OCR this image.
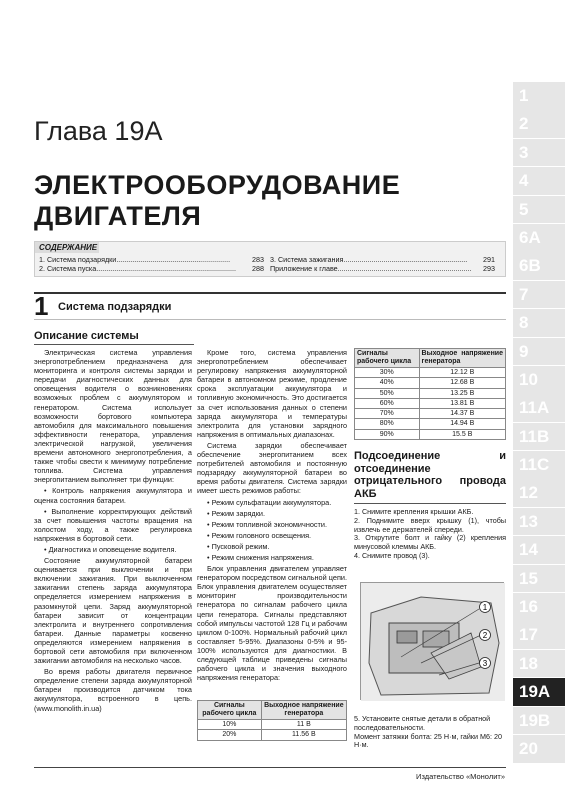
1
2
3
4
5
6А
6В
7
8
9
10
11А
11В
11С
12
13
14
15
16
17
18
19А
19В
20
Глава 19А
ЭЛЕКТРООБОРУДОВАНИЕ
ДВИГАТЕЛЯ
СОДЕРЖАНИЕ
1. Система подзарядки.........................................................	283
2. Система пуска......................................................................	288
3. Система зажигания..............................................................	291
Приложение к главе...................................................................	293
1 Система подзарядки
Описание системы

Электрическая система управления энергопотреблением предназначена для мониторинга и контроля системы зарядки и передачи диагностических данных для оповещения водителя о возникновениях возможных проблем с аккумулятором и генератором. Система использует возможности бортового компьютера автомобиля для максимального повышения эффективности генератора, управления электрической нагрузкой, увеличения времени автономного энергопотребления, а также чтобы свести к минимуму потребление топлива. Система управления энергопитанием выполняет три функции:

• Контроль напряжения аккумулятора и оценка состояния батареи.

• Выполнение корректирующих действий за счет повышения частоты вращения на холостом ходу, а также регулировка напряжения в бортовой сети.

• Диагностика и оповещение водителя.

Состояние аккумуляторной батареи оценивается при выключении и при включении зажигания. При выключенном зажигании степень заряда аккумулятора определяется измерением напряжения в разомкнутой цепи. Заряд аккумуляторной батареи зависит от концентрации электролита и внутреннего сопротивления батареи. Данные параметры косвенно определяются измерением напряжения в бортовой сети автомобиля при включенном зажигании автомобиля на несколько часов.

Во время работы двигателя первичное определение степени заряда аккумуляторной батареи производится датчиком тока аккумулятора, встроенного в цепь. (www.monolith.in.ua)

Кроме того, система управления энергопотреблением обеспечивает регулировку напряжения аккумуляторной батареи в автономном режиме, продление срока эксплуатации аккумулятора и топливную экономичность. Это достигается за счет использования данных о степени заряда аккумулятора и температуры электролита для установки зарядного напряжения в оптимальных диапазонах.

Система зарядки обеспечивает обеспечение энергопитанием всех потребителей автомобиля и постоянную подзарядку аккумуляторной батареи во время работы двигателя. Система зарядки имеет шесть режимов работы:

• Режим сульфатации аккумулятора.

• Режим зарядки.

• Режим топливной экономичности.

• Режим головного освещения.

• Пусковой режим.

• Режим снижения напряжения.

Блок управления двигателем управляет генератором посредством сигнальной цепи. Блок управления двигателем осуществляет мониторинг производительности генератора по сигналам рабочего цикла цепи генератора. Сигналы представляют собой импульсы частотой 128 Гц и рабочим циклом 0-100%. Нормальный рабочий цикл составляет 5-95%. Диапазоны 0-5% и 95-100% используются для диагностики. В следующей таблице приведены сигналы рабочего цикла и значения выходного напряжения генератора:

Сигналы рабочего цикла	Выходное напряжение генератора
10%	11 В
20%	11.56 В
Сигналы рабочего цикла	Выходное напряжение генератора
30%	12.12 В
40%	12.68 В
50%	13.25 В
60%	13.81 В
70%	14.37 В
80%	14.94 В
90%	15.5 В
Подсоединение и отсоединение отрицательного провода АКБ
1. Снимите крепления крышки АКБ.
2. Поднимите вверх крышку (1), чтобы извлечь ее держателей спереди.
3. Открутите болт и гайку (2) крепления минусовой клеммы АКБ.
4. Снимите провод (3).
1
2
3
5. Установите снятые детали в обратной последовательности.
Момент затяжки болта: 25 Н·м, гайки М6: 20 Н·м.
Издательство «Монолит»
